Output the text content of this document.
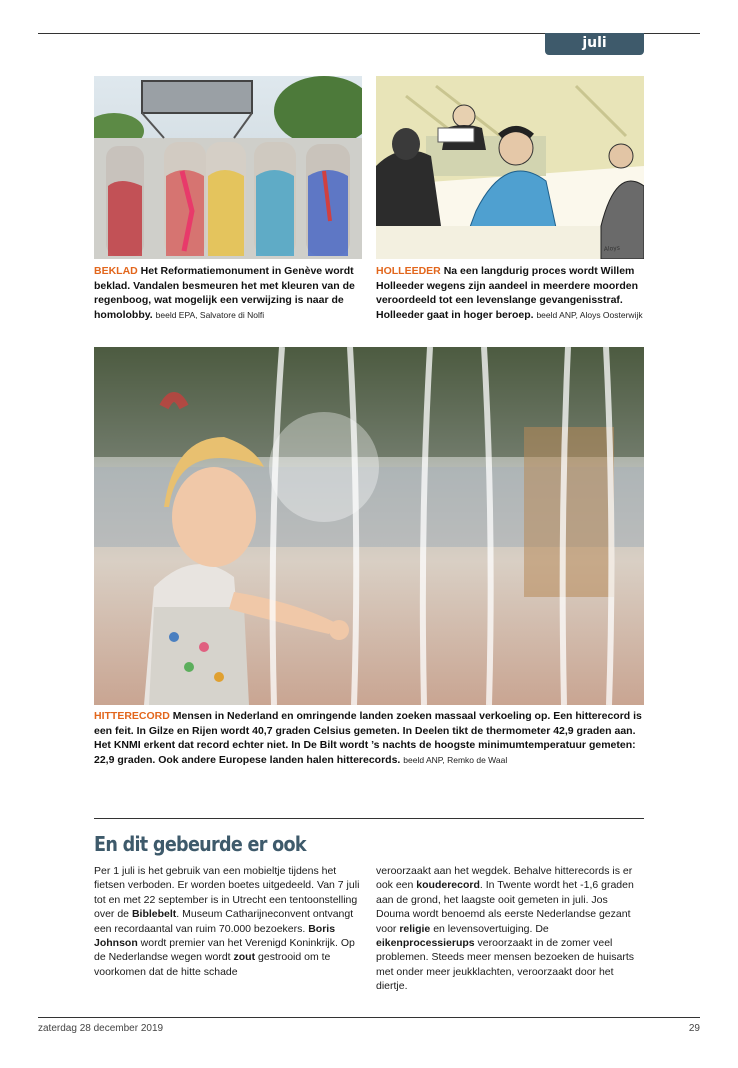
juli
Aloys
BEKLAD Het Reformatiemonument in Genève wordt beklad. Vandalen besmeuren het met kleuren van de regenboog, wat mogelijk een verwijzing is naar de homolobby. beeld EPA, Salvatore di Nolfi
HOLLEEDER Na een langdurig proces wordt Willem Holleeder wegens zijn aandeel in meerdere moorden veroordeeld tot een levenslange gevangenisstraf. Holleeder gaat in hoger beroep. beeld ANP, Aloys Oosterwijk
HITTERECORD Mensen in Nederland en omringende landen zoeken massaal verkoeling op. Een hitterecord is een feit. In Gilze en Rijen wordt 40,7 graden Celsius gemeten. In Deelen tikt de thermometer 42,9 graden aan. Het KNMI erkent dat record echter niet. In De Bilt wordt ’s nachts de hoogste minimumtemperatuur gemeten: 22,9 graden. Ook andere Europese landen halen hitterecords. beeld ANP, Remko de Waal
En dit gebeurde er ook
Per 1 juli is het gebruik van een mobieltje tijdens het fietsen verboden. Er worden boetes uitgedeeld. Van 7 juli tot en met 22 september is in Utrecht een tentoonstelling over de Biblebelt. Museum Catharijneconvent ontvangt een recordaantal van ruim 70.000 bezoekers. Boris Johnson wordt premier van het Verenigd Koninkrijk. Op de Nederlandse wegen wordt zout gestrooid om te voorkomen dat de hitte schade
veroorzaakt aan het wegdek. Behalve hitterecords is er ook een kouderecord. In Twente wordt het -1,6 graden aan de grond, het laagste ooit gemeten in juli. Jos Douma wordt benoemd als eerste Nederlandse gezant voor religie en levensovertuiging. De eikenprocessierups veroorzaakt in de zomer veel problemen. Steeds meer mensen bezoeken de huisarts met onder meer jeukklachten, veroorzaakt door het diertje.
zaterdag 28 december 2019	29
